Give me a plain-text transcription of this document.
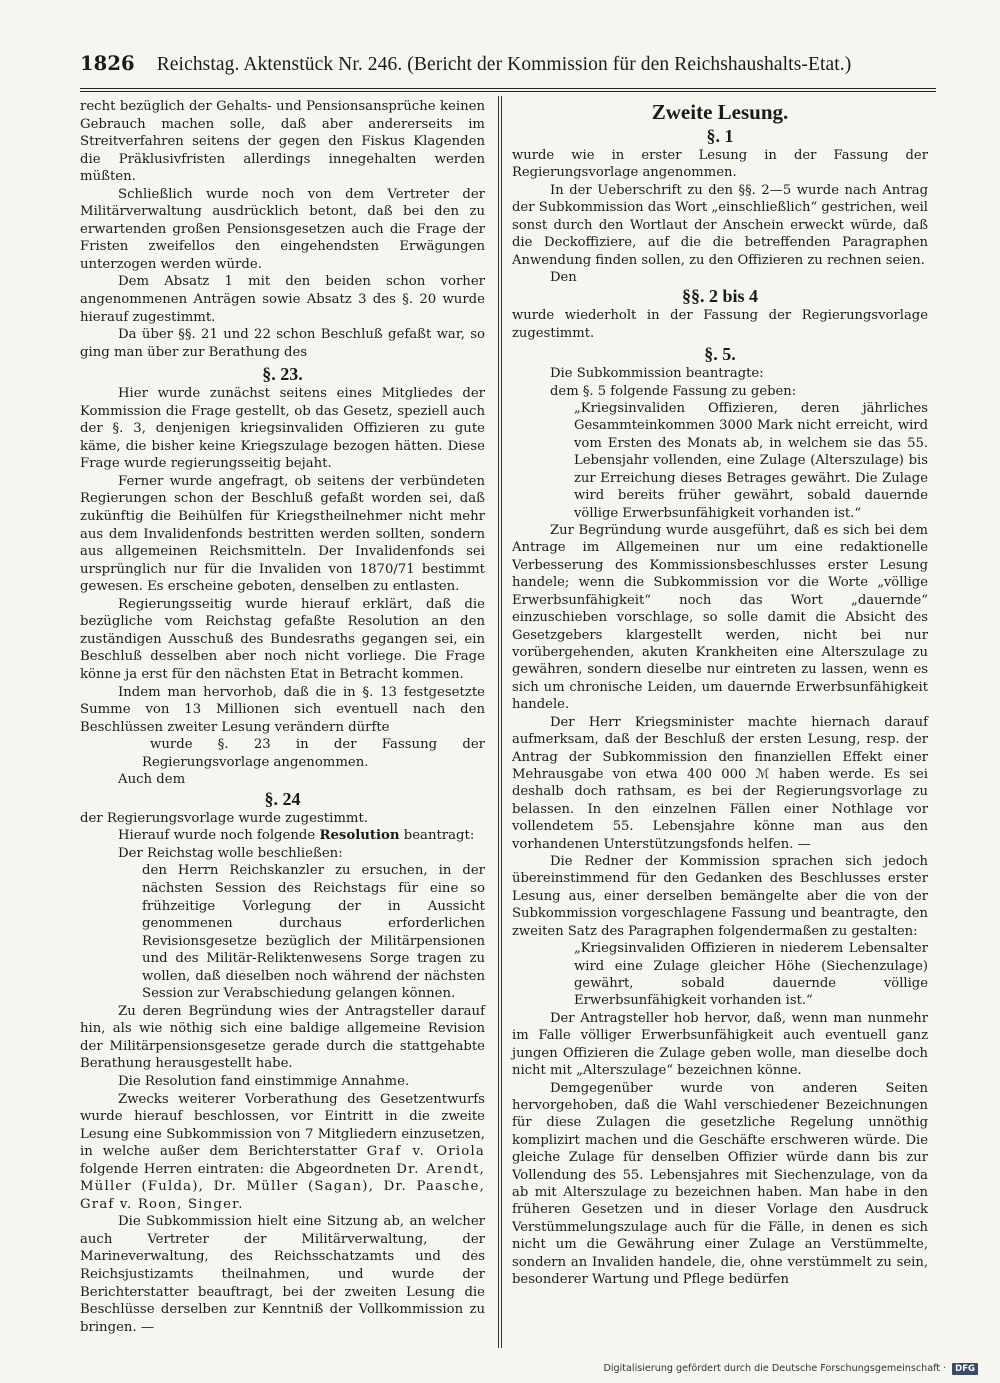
1826 Reichstag. Aktenstück Nr. 246. (Bericht der Kommission für den Reichshaushalts-Etat.)

recht bezüglich der Gehalts- und Pensionsansprüche keinen Gebrauch machen solle, daß aber andererseits im Streitverfahren seitens der gegen den Fiskus Klagenden die Präklusivfristen allerdings innegehalten werden müßten.

Schließlich wurde noch von dem Vertreter der Militärverwaltung ausdrücklich betont, daß bei den zu erwartenden großen Pensionsgesetzen auch die Frage der Fristen zweifellos den eingehendsten Erwägungen unterzogen werden würde.

Dem Absatz 1 mit den beiden schon vorher angenommenen Anträgen sowie Absatz 3 des §. 20 wurde hierauf zugestimmt.

Da über §§. 21 und 22 schon Beschluß gefaßt war, so ging man über zur Berathung des

§. 23.

Hier wurde zunächst seitens eines Mitgliedes der Kommission die Frage gestellt, ob das Gesetz, speziell auch der §. 3, denjenigen kriegsinvaliden Offizieren zu gute käme, die bisher keine Kriegszulage bezogen hätten. Diese Frage wurde regierungsseitig bejaht.

Ferner wurde angefragt, ob seitens der verbündeten Regierungen schon der Beschluß gefaßt worden sei, daß zukünftig die Beihülfen für Kriegstheilnehmer nicht mehr aus dem Invalidenfonds bestritten werden sollten, sondern aus allgemeinen Reichsmitteln. Der Invalidenfonds sei ursprünglich nur für die Invaliden von 1870/71 bestimmt gewesen. Es erscheine geboten, denselben zu entlasten.

Regierungsseitig wurde hierauf erklärt, daß die bezügliche vom Reichstag gefaßte Resolution an den zuständigen Ausschuß des Bundesraths gegangen sei, ein Beschluß desselben aber noch nicht vorliege. Die Frage könne ja erst für den nächsten Etat in Betracht kommen.

Indem man hervorhob, daß die in §. 13 festgesetzte Summe von 13 Millionen sich eventuell nach den Beschlüssen zweiter Lesung verändern dürfte

wurde §. 23 in der Fassung der Regierungsvorlage angenommen.

Auch dem

§. 24

der Regierungsvorlage wurde zugestimmt.

Hierauf wurde noch folgende Resolution beantragt:

Der Reichstag wolle beschließen:

den Herrn Reichskanzler zu ersuchen, in der nächsten Session des Reichstags für eine so frühzeitige Vorlegung der in Aussicht genommenen durchaus erforderlichen Revisionsgesetze bezüglich der Militärpensionen und des Militär-Reliktenwesens Sorge tragen zu wollen, daß dieselben noch während der nächsten Session zur Verabschiedung gelangen können.

Zu deren Begründung wies der Antragsteller darauf hin, als wie nöthig sich eine baldige allgemeine Revision der Militärpensionsgesetze gerade durch die stattgehabte Berathung herausgestellt habe.

Die Resolution fand einstimmige Annahme.

Zwecks weiterer Vorberathung des Gesetzentwurfs wurde hierauf beschlossen, vor Eintritt in die zweite Lesung eine Subkommission von 7 Mitgliedern einzusetzen, in welche außer dem Berichterstatter Graf v. Oriola folgende Herren eintraten: die Abgeordneten Dr. Arendt, Müller (Fulda), Dr. Müller (Sagan), Dr. Paasche, Graf v. Roon, Singer.

Die Subkommission hielt eine Sitzung ab, an welcher auch Vertreter der Militärverwaltung, der Marineverwaltung, des Reichsschatzamts und des Reichsjustizamts theilnahmen, und wurde der Berichterstatter beauftragt, bei der zweiten Lesung die Beschlüsse derselben zur Kenntniß der Vollkommission zu bringen. —

Zweite Lesung.

§. 1

wurde wie in erster Lesung in der Fassung der Regierungsvorlage angenommen.

In der Ueberschrift zu den §§. 2—5 wurde nach Antrag der Subkommission das Wort „einschließlich“ gestrichen, weil sonst durch den Wortlaut der Anschein erweckt würde, daß die Deckoffiziere, auf die die betreffenden Paragraphen Anwendung finden sollen, zu den Offizieren zu rechnen seien.

Den

§§. 2 bis 4

wurde wiederholt in der Fassung der Regierungsvorlage zugestimmt.

§. 5.

Die Subkommission beantragte:

dem §. 5 folgende Fassung zu geben:

„Kriegsinvaliden Offizieren, deren jährliches Gesammteinkommen 3000 Mark nicht erreicht, wird vom Ersten des Monats ab, in welchem sie das 55. Lebensjahr vollenden, eine Zulage (Alterszulage) bis zur Erreichung dieses Betrages gewährt. Die Zulage wird bereits früher gewährt, sobald dauernde völlige Erwerbsunfähigkeit vorhanden ist.“

Zur Begründung wurde ausgeführt, daß es sich bei dem Antrage im Allgemeinen nur um eine redaktionelle Verbesserung des Kommissionsbeschlusses erster Lesung handele; wenn die Subkommission vor die Worte „völlige Erwerbsunfähigkeit“ noch das Wort „dauernde“ einzuschieben vorschlage, so solle damit die Absicht des Gesetzgebers klargestellt werden, nicht bei nur vorübergehenden, akuten Krankheiten eine Alterszulage zu gewähren, sondern dieselbe nur eintreten zu lassen, wenn es sich um chronische Leiden, um dauernde Erwerbsunfähigkeit handele.

Der Herr Kriegsminister machte hiernach darauf aufmerksam, daß der Beschluß der ersten Lesung, resp. der Antrag der Subkommission den finanziellen Effekt einer Mehrausgabe von etwa 400 000 ℳ haben werde. Es sei deshalb doch rathsam, es bei der Regierungsvorlage zu belassen. In den einzelnen Fällen einer Nothlage vor vollendetem 55. Lebensjahre könne man aus den vorhandenen Unterstützungsfonds helfen. —

Die Redner der Kommission sprachen sich jedoch übereinstimmend für den Gedanken des Beschlusses erster Lesung aus, einer derselben bemängelte aber die von der Subkommission vorgeschlagene Fassung und beantragte, den zweiten Satz des Paragraphen folgendermaßen zu gestalten:

„Kriegsinvaliden Offizieren in niederem Lebensalter wird eine Zulage gleicher Höhe (Siechenzulage) gewährt, sobald dauernde völlige Erwerbsunfähigkeit vorhanden ist.“

Der Antragsteller hob hervor, daß, wenn man nunmehr im Falle völliger Erwerbsunfähigkeit auch eventuell ganz jungen Offizieren die Zulage geben wolle, man dieselbe doch nicht mit „Alterszulage“ bezeichnen könne.

Demgegenüber wurde von anderen Seiten hervorgehoben, daß die Wahl verschiedener Bezeichnungen für diese Zulagen die gesetzliche Regelung unnöthig komplizirt machen und die Geschäfte erschweren würde. Die gleiche Zulage für denselben Offizier würde dann bis zur Vollendung des 55. Lebensjahres mit Siechenzulage, von da ab mit Alterszulage zu bezeichnen haben. Man habe in den früheren Gesetzen und in dieser Vorlage den Ausdruck Verstümmelungszulage auch für die Fälle, in denen es sich nicht um die Gewährung einer Zulage an Verstümmelte, sondern an Invaliden handele, die, ohne verstümmelt zu sein, besonderer Wartung und Pflege bedürfen

Digitalisierung gefördert durch die Deutsche Forschungsgemeinschaft ·	DFG
